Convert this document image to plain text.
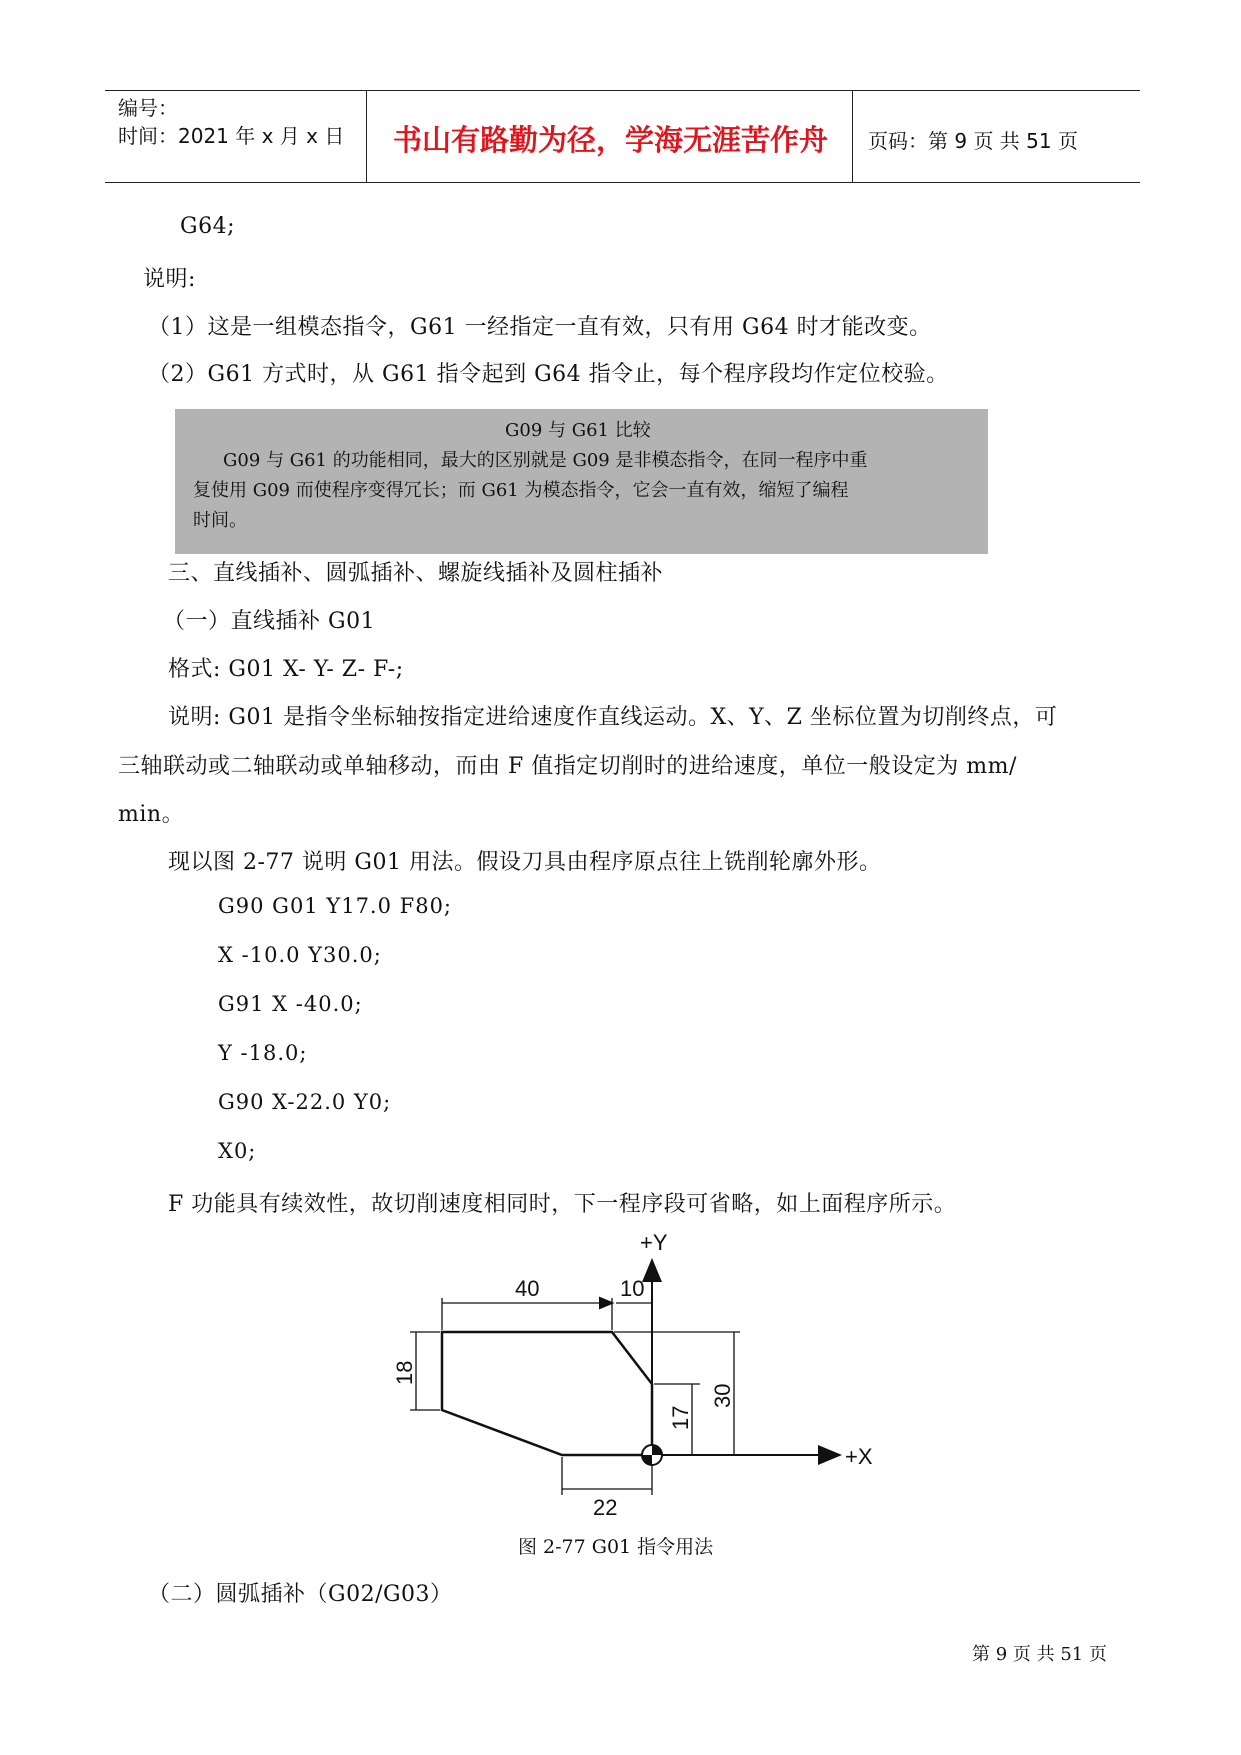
编号：
时间：2021 年 x 月 x 日 书山有路勤为径，学海无涯苦作舟 页码：第 9 页 共 51 页
G64;
说明:
（1）这是一组模态指令，G61 一经指定一直有效，只有用 G64 时才能改变。
（2）G61 方式时，从 G61 指令起到 G64 指令止，每个程序段均作定位校验。
G09 与 G61 比较
G09 与 G61 的功能相同，最大的区别就是 G09 是非模态指令，在同一程序中重
复使用 G09 而使程序变得冗长；而 G61 为模态指令，它会一直有效，缩短了编程
时间。
三、直线插补、圆弧插补、螺旋线插补及圆柱插补
（一）直线插补 G01
格式: G01 X- Y- Z- F-;
说明: G01 是指令坐标轴按指定进给速度作直线运动。X、Y、Z 坐标位置为切削终点，可
三轴联动或二轴联动或单轴移动，而由 F 值指定切削时的进给速度，单位一般设定为 mm/
min。
现以图 2-77 说明 G01 用法。假设刀具由程序原点往上铣削轮廓外形。
G90 G01 Y17.0 F80;
X -10.0 Y30.0;
G91 X -40.0;
Y -18.0;
G90 X-22.0 Y0;
X0;
F 功能具有续效性，故切削速度相同时，下一程序段可省略，如上面程序所示。
+Y
+X
40	10
22
18
17
30
图 2-77 G01 指令用法
（二）圆弧插补（G02/G03）
第 9 页 共 51 页
